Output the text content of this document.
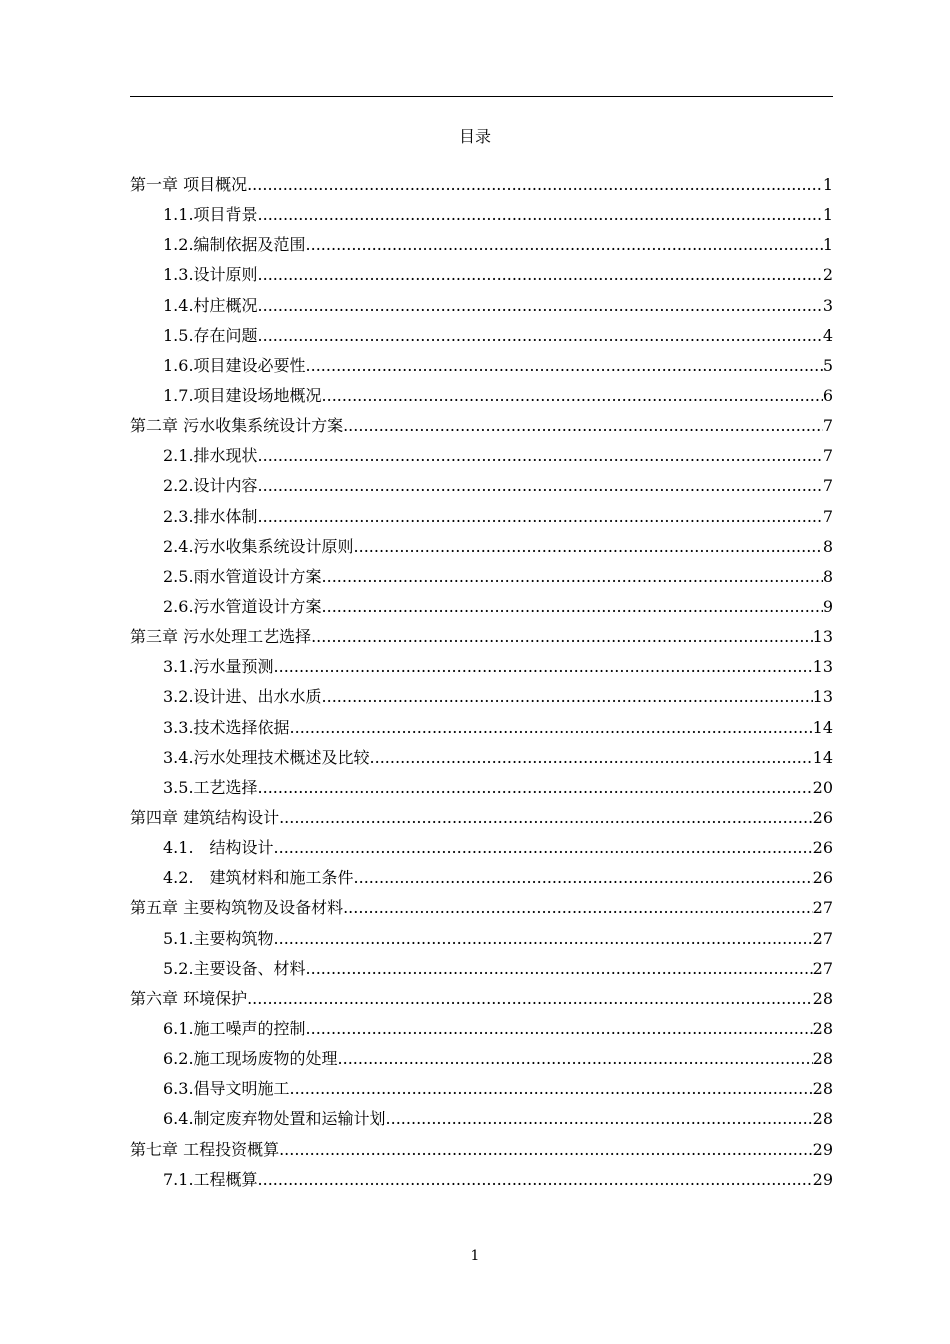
目录
第一章 项目概况 .....	1
1.1.项目背景 .....	1
1.2.编制依据及范围 .....	1
1.3.设计原则 .....	2
1.4.村庄概况 .....	3
1.5.存在问题 .....	4
1.6.项目建设必要性 .....	5
1.7.项目建设场地概况 .....	6
第二章 污水收集系统设计方案 .....	7
2.1.排水现状 .....	7
2.2.设计内容 .....	7
2.3.排水体制 .....	7
2.4.污水收集系统设计原则 .....	8
2.5.雨水管道设计方案 .....	8
2.6.污水管道设计方案 .....	9
第三章 污水处理工艺选择 .....	13
3.1.污水量预测 .....	13
3.2.设计进、出水水质 .....	13
3.3.技术选择依据 .....	14
3.4.污水处理技术概述及比较 .....	14
3.5.工艺选择 .....	20
第四章 建筑结构设计 .....	26
4.1.　结构设计 .....	26
4.2.　建筑材料和施工条件 .....	26
第五章 主要构筑物及设备材料 .....	27
5.1.主要构筑物 .....	27
5.2.主要设备、材料 .....	27
第六章 环境保护 .....	28
6.1.施工噪声的控制 .....	28
6.2.施工现场废物的处理 .....	28
6.3.倡导文明施工 .....	28
6.4.制定废弃物处置和运输计划 .....	28
第七章 工程投资概算 .....	29
7.1.工程概算 .....	29
1
